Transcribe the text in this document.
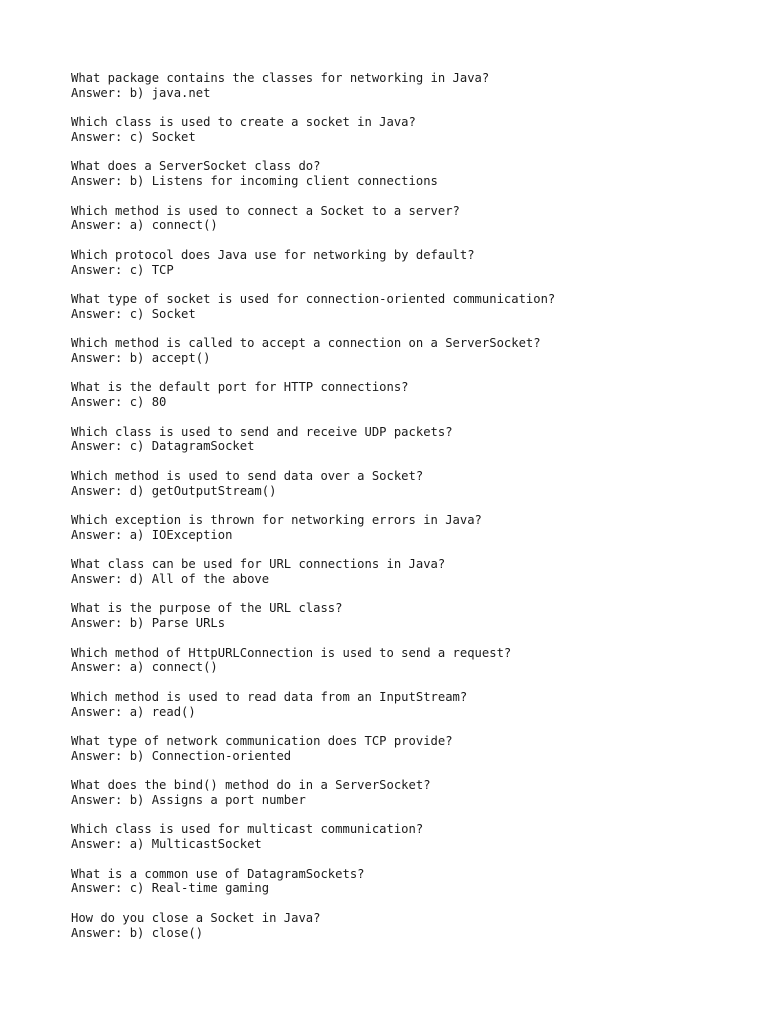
What package contains the classes for networking in Java?
Answer: b) java.net
Which class is used to create a socket in Java?
Answer: c) Socket
What does a ServerSocket class do?
Answer: b) Listens for incoming client connections
Which method is used to connect a Socket to a server?
Answer: a) connect()
Which protocol does Java use for networking by default?
Answer: c) TCP
What type of socket is used for connection-oriented communication?
Answer: c) Socket
Which method is called to accept a connection on a ServerSocket?
Answer: b) accept()
What is the default port for HTTP connections?
Answer: c) 80
Which class is used to send and receive UDP packets?
Answer: c) DatagramSocket
Which method is used to send data over a Socket?
Answer: d) getOutputStream()
Which exception is thrown for networking errors in Java?
Answer: a) IOException
What class can be used for URL connections in Java?
Answer: d) All of the above
What is the purpose of the URL class?
Answer: b) Parse URLs
Which method of HttpURLConnection is used to send a request?
Answer: a) connect()
Which method is used to read data from an InputStream?
Answer: a) read()
What type of network communication does TCP provide?
Answer: b) Connection-oriented
What does the bind() method do in a ServerSocket?
Answer: b) Assigns a port number
Which class is used for multicast communication?
Answer: a) MulticastSocket
What is a common use of DatagramSockets?
Answer: c) Real-time gaming
How do you close a Socket in Java?
Answer: b) close()
